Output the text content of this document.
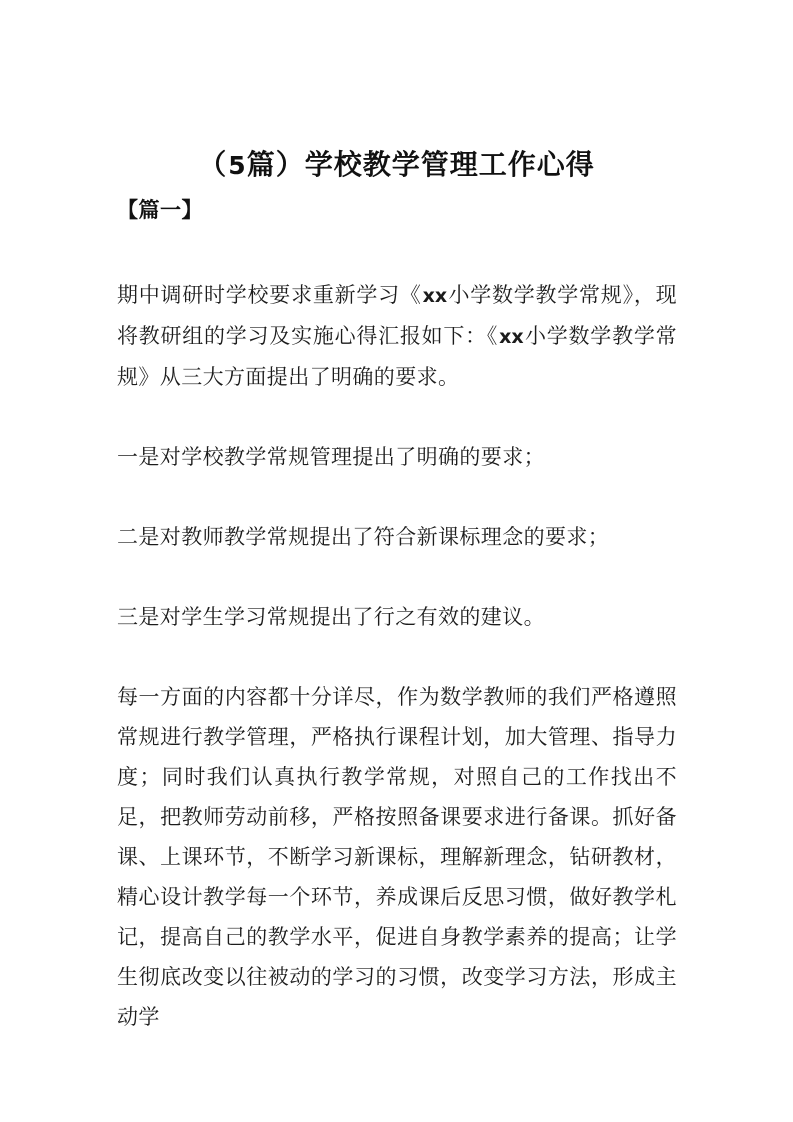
（5篇）学校教学管理工作心得
【篇一】

期中调研时学校要求重新学习《xx小学数学教学常规》，现将教研组的学习及实施心得汇报如下：《xx小学数学教学常规》从三大方面提出了明确的要求。

一是对学校教学常规管理提出了明确的要求；

二是对教师教学常规提出了符合新课标理念的要求；

三是对学生学习常规提出了行之有效的建议。

每一方面的内容都十分详尽，作为数学教师的我们严格遵照常规进行教学管理，严格执行课程计划，加大管理、指导力度；同时我们认真执行教学常规，对照自己的工作找出不足，把教师劳动前移，严格按照备课要求进行备课。抓好备课、上课环节，不断学习新课标，理解新理念，钻研教材，精心设计教学每一个环节，养成课后反思习惯，做好教学札记，提高自己的教学水平，促进自身教学素养的提高；让学生彻底改变以往被动的学习的习惯，改变学习方法，形成主动学
